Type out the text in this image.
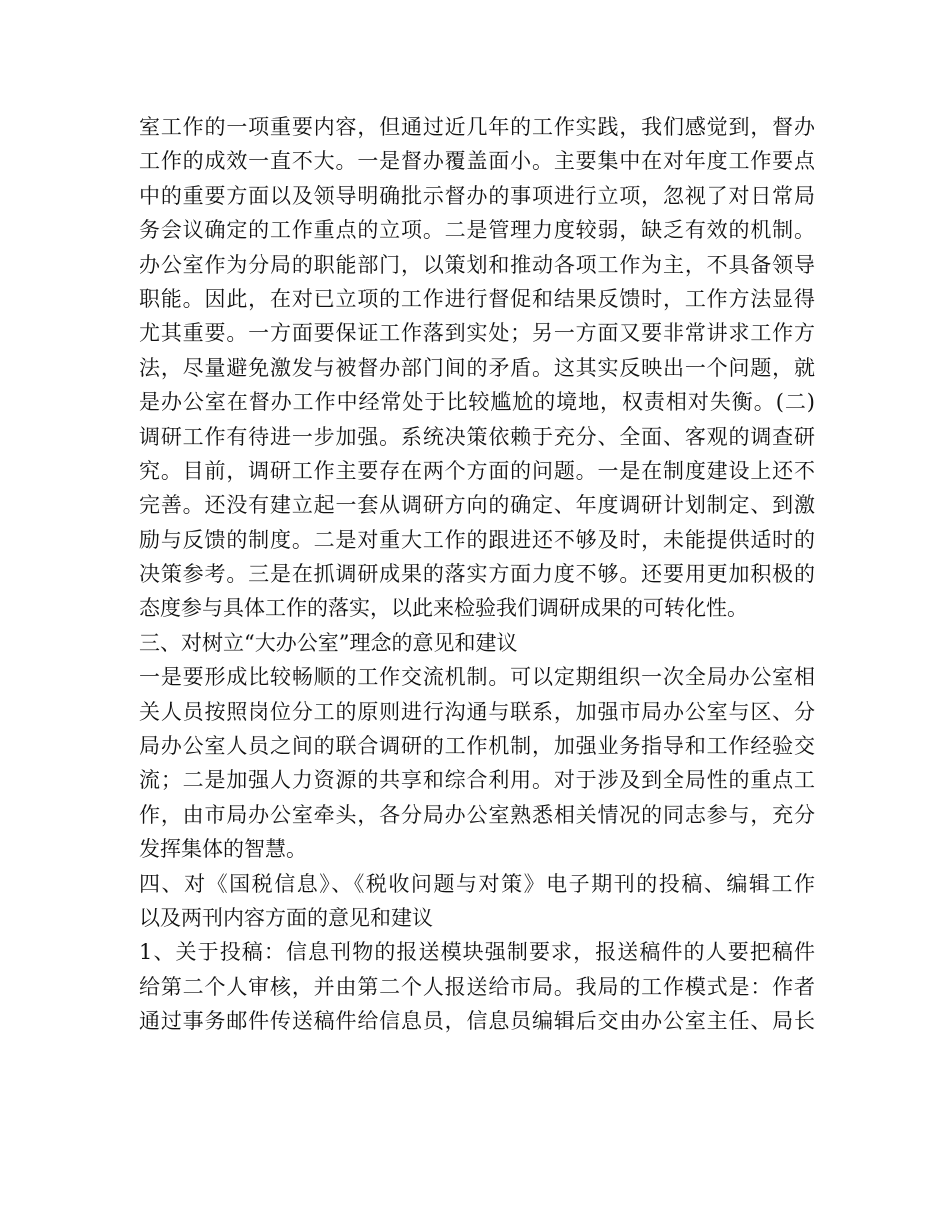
室工作的一项重要内容，但通过近几年的工作实践，我们感觉到，督办
工作的成效一直不大。一是督办覆盖面小。主要集中在对年度工作要点
中的重要方面以及领导明确批示督办的事项进行立项，忽视了对日常局
务会议确定的工作重点的立项。二是管理力度较弱，缺乏有效的机制。
办公室作为分局的职能部门，以策划和推动各项工作为主，不具备领导
职能。因此，在对已立项的工作进行督促和结果反馈时，工作方法显得
尤其重要。一方面要保证工作落到实处；另一方面又要非常讲求工作方
法，尽量避免激发与被督办部门间的矛盾。这其实反映出一个问题，就
是办公室在督办工作中经常处于比较尴尬的境地，权责相对失衡。(二)
调研工作有待进一步加强。系统决策依赖于充分、全面、客观的调查研
究。目前，调研工作主要存在两个方面的问题。一是在制度建设上还不
完善。还没有建立起一套从调研方向的确定、年度调研计划制定、到激
励与反馈的制度。二是对重大工作的跟进还不够及时，未能提供适时的
决策参考。三是在抓调研成果的落实方面力度不够。还要用更加积极的
态度参与具体工作的落实，以此来检验我们调研成果的可转化性。
三、对树立“大办公室”理念的意见和建议
一是要形成比较畅顺的工作交流机制。可以定期组织一次全局办公室相
关人员按照岗位分工的原则进行沟通与联系，加强市局办公室与区、分
局办公室人员之间的联合调研的工作机制，加强业务指导和工作经验交
流；二是加强人力资源的共享和综合利用。对于涉及到全局性的重点工
作，由市局办公室牵头，各分局办公室熟悉相关情况的同志参与，充分
发挥集体的智慧。
四、对《国税信息》、《税收问题与对策》电子期刊的投稿、编辑工作
以及两刊内容方面的意见和建议
1、关于投稿：信息刊物的报送模块强制要求，报送稿件的人要把稿件
给第二个人审核，并由第二个人报送给市局。我局的工作模式是：作者
通过事务邮件传送稿件给信息员，信息员编辑后交由办公室主任、局长
